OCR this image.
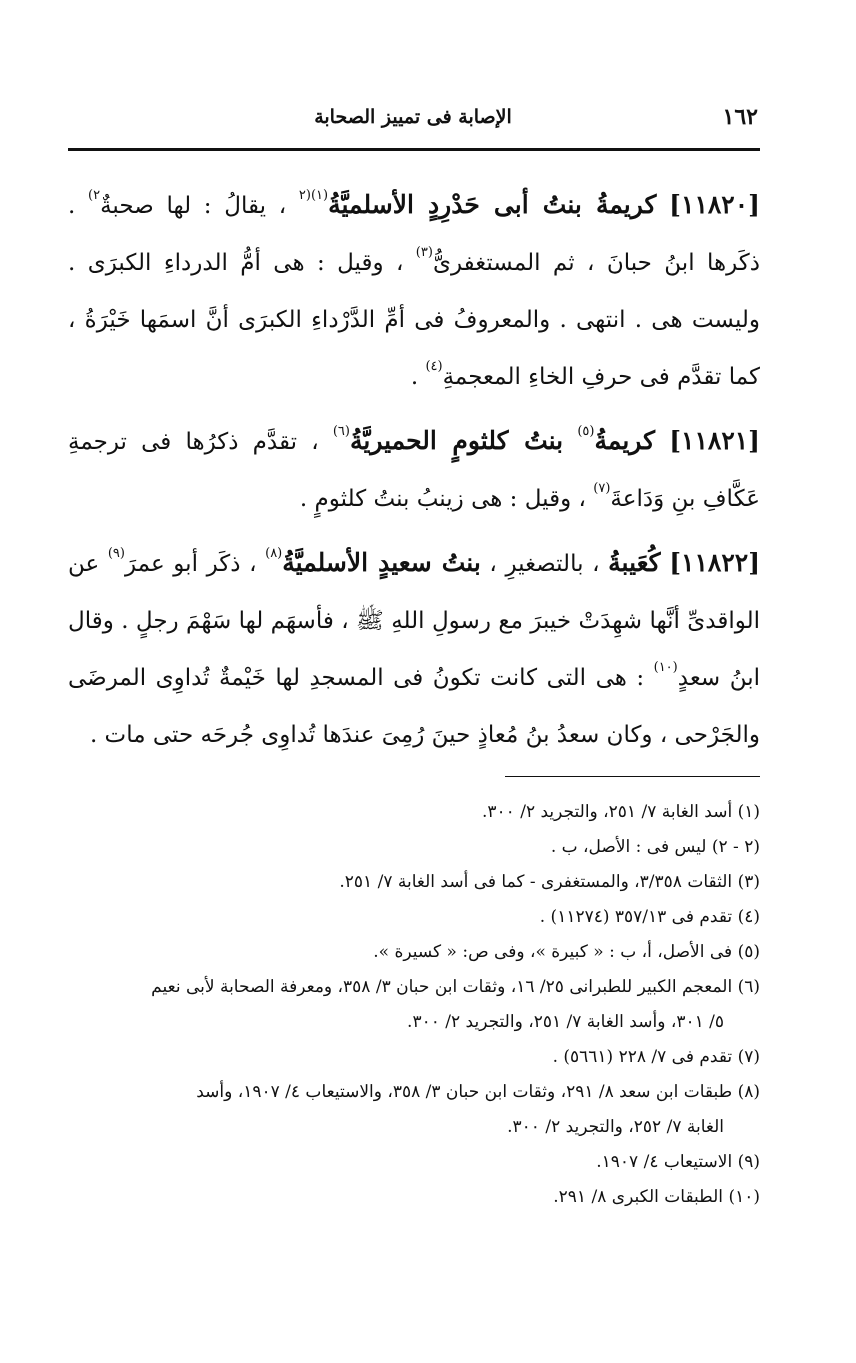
١٦٢
الإصابة فى تمييز الصحابة

[١١٨٢٠] كريمةُ بنتُ أبى حَدْرِدٍ الأسلميَّةُ$^{(١)(٢}$ ، يقالُ : لها صحبةٌ$^{٢)}$ . ذكَرها ابنُ حبانَ ، ثم المستغفرىُّ$^{(٣)}$ ، وقيل : هى أمُّ الدرداءِ الكبرَى . وليست هى . انتهى . والمعروفُ فى أمِّ الدَّرْداءِ الكبرَى أنَّ اسمَها خَيْرَةُ ، كما تقدَّم فى حرفِ الخاءِ المعجمةِ$^{(٤)}$ .

[١١٨٢١] كريمةُ$^{(٥)}$ بنتُ كلثومٍ الحميريَّةُ$^{(٦)}$ ، تقدَّم ذكرُها فى ترجمةِ عَكَّافِ بنِ وَدَاعةَ$^{(٧)}$ ، وقيل : هى زينبُ بنتُ كلثومٍ .

[١١٨٢٢] كُعَيبةُ ، بالتصغيرِ ، بنتُ سعيدٍ الأسلميَّةُ$^{(٨)}$ ، ذكَر أبو عمرَ$^{(٩)}$ عن الواقدىِّ أنَّها شهِدَتْ خيبرَ مع رسولِ اللهِ ﷺ ، فأسهَم لها سَهْمَ رجلٍ . وقال ابنُ سعدٍ$^{(١٠)}$ : هى التى كانت تكونُ فى المسجدِ لها خَيْمةٌ تُداوِى المرضَى والجَرْحى ، وكان سعدُ بنُ مُعاذٍ حينَ رُمِىَ عندَها تُداوِى جُرحَه حتى مات .

(١) أسد الغابة ٧/ ٢٥١، والتجريد ٢/ ٣٠٠.

(٢ - ٢) ليس فى : الأصل، ب .

(٣) الثقات ٣/٣٥٨، والمستغفرى - كما فى أسد الغابة ٧/ ٢٥١.

(٤) تقدم فى ٣٥٧/١٣ (١١٢٧٤) .

(٥) فى الأصل، أ، ب : « كبيرة »، وفى ص: « كسيرة ».

(٦) المعجم الكبير للطبرانى ٢٥/ ١٦، وثقات ابن حبان ٣/ ٣٥٨، ومعرفة الصحابة لأبى نعيم
٥/ ٣٠١، وأسد الغابة ٧/ ٢٥١، والتجريد ٢/ ٣٠٠.

(٧) تقدم فى ٧/ ٢٢٨ (٥٦٦١) .

(٨) طبقات ابن سعد ٨/ ٢٩١، وثقات ابن حبان ٣/ ٣٥٨، والاستيعاب ٤/ ١٩٠٧، وأسد
الغابة ٧/ ٢٥٢، والتجريد ٢/ ٣٠٠.

(٩) الاستيعاب ٤/ ١٩٠٧.

(١٠) الطبقات الكبرى ٨/ ٢٩١.
